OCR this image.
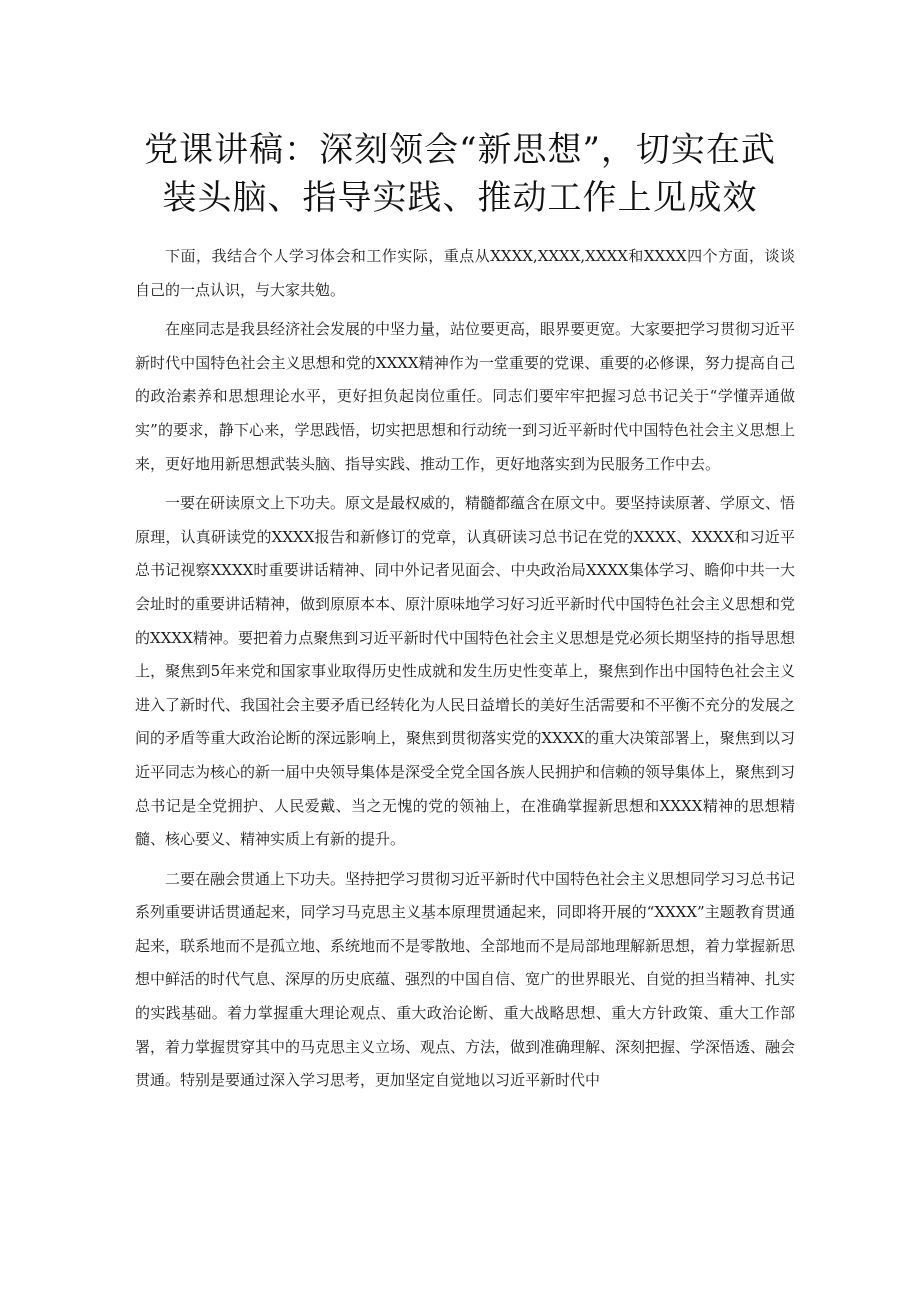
党课讲稿：深刻领会“新思想”，切实在武
装头脑、指导实践、推动工作上见成效

下面，我结合个人学习体会和工作实际，重点从XXXX,XXXX,XXXX和XXXX四个方面，谈谈自己的一点认识，与大家共勉。

在座同志是我县经济社会发展的中坚力量，站位要更高，眼界要更宽。大家要把学习贯彻习近平新时代中国特色社会主义思想和党的XXXX精神作为一堂重要的党课、重要的必修课，努力提高自己的政治素养和思想理论水平，更好担负起岗位重任。同志们要牢牢把握习总书记关于“学懂弄通做实”的要求，静下心来，学思践悟，切实把思想和行动统一到习近平新时代中国特色社会主义思想上来，更好地用新思想武装头脑、指导实践、推动工作，更好地落实到为民服务工作中去。

一要在研读原文上下功夫。原文是最权威的，精髓都蕴含在原文中。要坚持读原著、学原文、悟原理，认真研读党的XXXX报告和新修订的党章，认真研读习总书记在党的XXXX、XXXX和习近平总书记视察XXXX时重要讲话精神、同中外记者见面会、中央政治局XXXX集体学习、瞻仰中共一大会址时的重要讲话精神，做到原原本本、原汁原味地学习好习近平新时代中国特色社会主义思想和党的XXXX精神。要把着力点聚焦到习近平新时代中国特色社会主义思想是党必须长期坚持的指导思想上，聚焦到5年来党和国家事业取得历史性成就和发生历史性变革上，聚焦到作出中国特色社会主义进入了新时代、我国社会主要矛盾已经转化为人民日益增长的美好生活需要和不平衡不充分的发展之间的矛盾等重大政治论断的深远影响上，聚焦到贯彻落实党的XXXX的重大决策部署上，聚焦到以习近平同志为核心的新一届中央领导集体是深受全党全国各族人民拥护和信赖的领导集体上，聚焦到习总书记是全党拥护、人民爱戴、当之无愧的党的领袖上，在准确掌握新思想和XXXX精神的思想精髓、核心要义、精神实质上有新的提升。

二要在融会贯通上下功夫。坚持把学习贯彻习近平新时代中国特色社会主义思想同学习习总书记系列重要讲话贯通起来，同学习马克思主义基本原理贯通起来，同即将开展的“XXXX”主题教育贯通起来，联系地而不是孤立地、系统地而不是零散地、全部地而不是局部地理解新思想，着力掌握新思想中鲜活的时代气息、深厚的历史底蕴、强烈的中国自信、宽广的世界眼光、自觉的担当精神、扎实的实践基础。着力掌握重大理论观点、重大政治论断、重大战略思想、重大方针政策、重大工作部署，着力掌握贯穿其中的马克思主义立场、观点、方法，做到准确理解、深刻把握、学深悟透、融会贯通。特别是要通过深入学习思考，更加坚定自觉地以习近平新时代中
